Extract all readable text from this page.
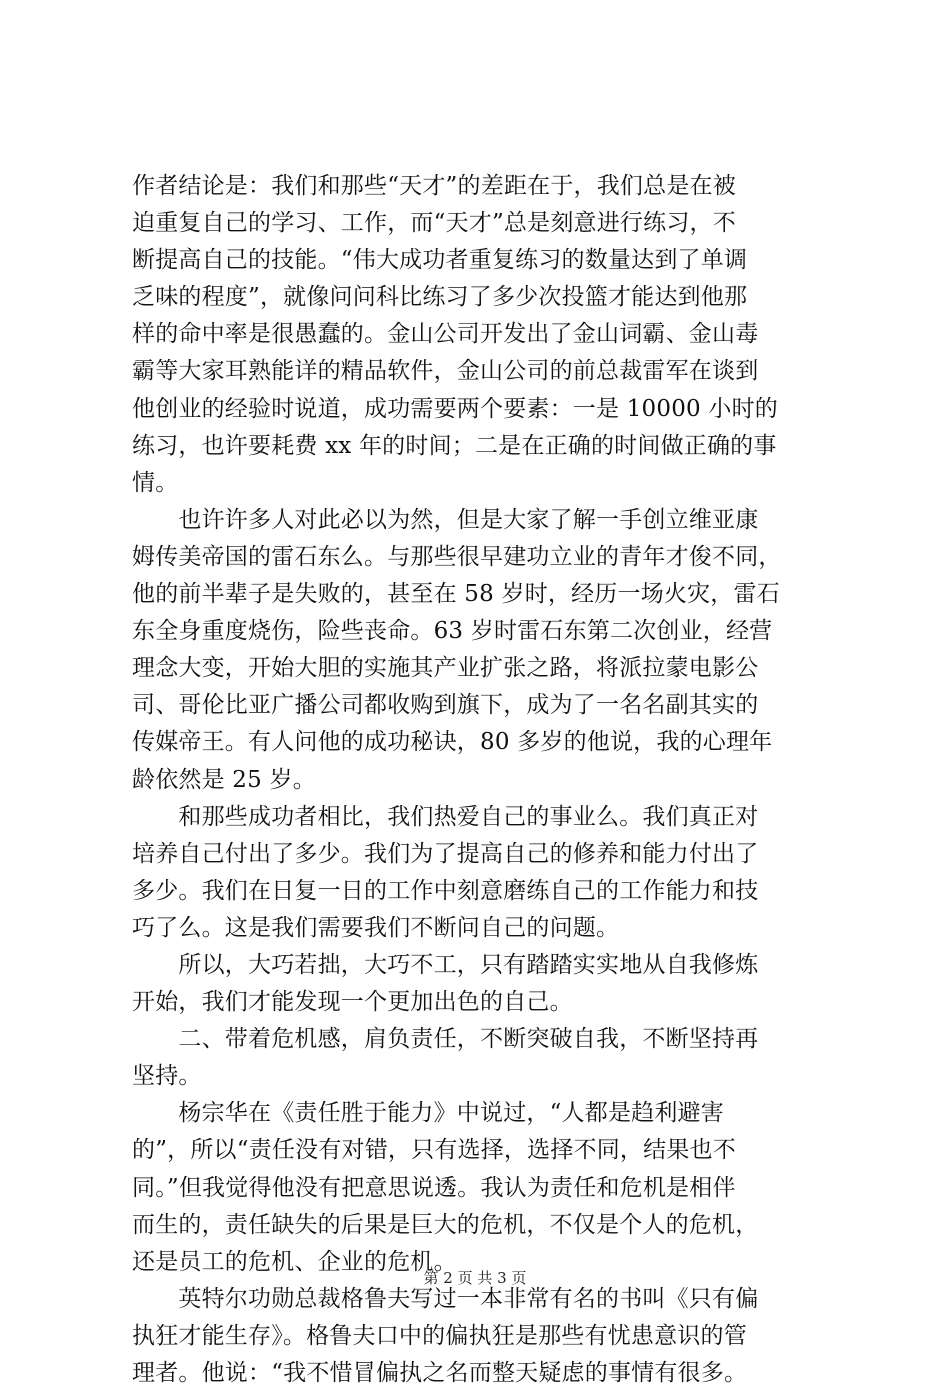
作者结论是：我们和那些“天才”的差距在于，我们总是在被
迫重复自己的学习、工作，而“天才”总是刻意进行练习，不
断提高自己的技能。“伟大成功者重复练习的数量达到了单调
乏味的程度”，就像问问科比练习了多少次投篮才能达到他那
样的命中率是很愚蠢的。金山公司开发出了金山词霸、金山毒
霸等大家耳熟能详的精品软件，金山公司的前总裁雷军在谈到
他创业的经验时说道，成功需要两个要素：一是 10000 小时的
练习，也许要耗费 xx 年的时间；二是在正确的时间做正确的事
情。
　　也许许多人对此必以为然，但是大家了解一手创立维亚康
姆传美帝国的雷石东么。与那些很早建功立业的青年才俊不同，
他的前半辈子是失败的，甚至在 58 岁时，经历一场火灾，雷石
东全身重度烧伤，险些丧命。63 岁时雷石东第二次创业，经营
理念大变，开始大胆的实施其产业扩张之路，将派拉蒙电影公
司、哥伦比亚广播公司都收购到旗下，成为了一名名副其实的
传媒帝王。有人问他的成功秘诀，80 多岁的他说，我的心理年
龄依然是 25 岁。
　　和那些成功者相比，我们热爱自己的事业么。我们真正对
培养自己付出了多少。我们为了提高自己的修养和能力付出了
多少。我们在日复一日的工作中刻意磨练自己的工作能力和技
巧了么。这是我们需要我们不断问自己的问题。
　　所以，大巧若拙，大巧不工，只有踏踏实实地从自我修炼
开始，我们才能发现一个更加出色的自己。
　　二、带着危机感，肩负责任，不断突破自我，不断坚持再
坚持。
　　杨宗华在《责任胜于能力》中说过，“人都是趋利避害
的”，所以“责任没有对错，只有选择，选择不同，结果也不
同。”但我觉得他没有把意思说透。我认为责任和危机是相伴
而生的，责任缺失的后果是巨大的危机，不仅是个人的危机，
还是员工的危机、企业的危机。
　　英特尔功勋总裁格鲁夫写过一本非常有名的书叫《只有偏
执狂才能生存》。格鲁夫口中的偏执狂是那些有忧患意识的管
理者。他说：“我不惜冒偏执之名而整天疑虑的事情有很多。
第 2 页 共 3 页
